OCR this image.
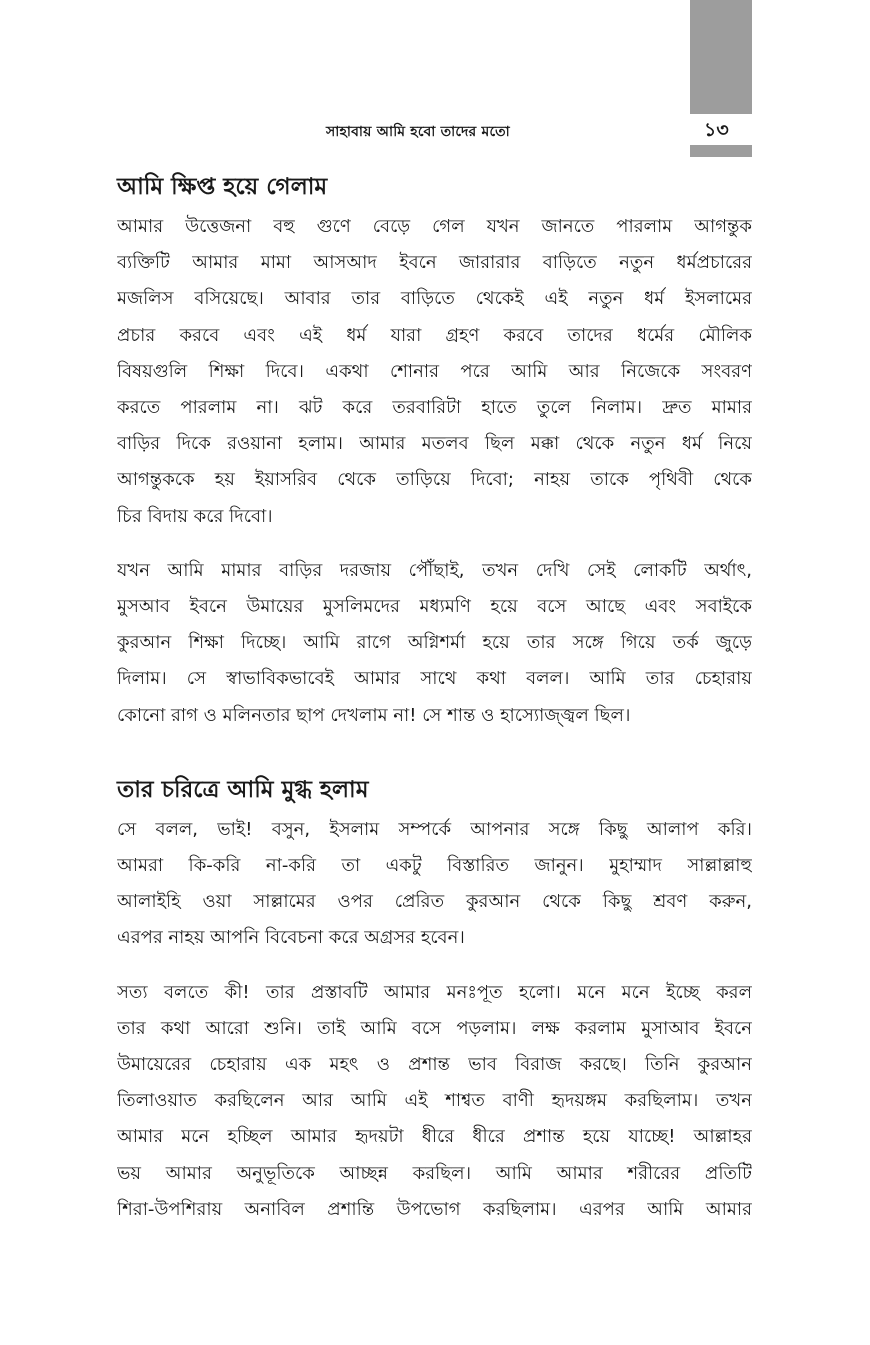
সাহাবায় আমি হবো তাদের মতো	১৩
আমি ক্ষিপ্ত হয়ে গেলাম

আমার উত্তেজনা বহু গুণে বেড়ে গেল যখন জানতে পারলাম আগন্তুক
ব্যক্তিটি আমার মামা আসআদ ইবনে জারারার বাড়িতে নতুন ধর্মপ্রচারের
মজলিস বসিয়েছে। আবার তার বাড়িতে থেকেই এই নতুন ধর্ম ইসলামের
প্রচার করবে এবং এই ধর্ম যারা গ্রহণ করবে তাদের ধর্মের মৌলিক
বিষয়গুলি শিক্ষা দিবে। একথা শোনার পরে আমি আর নিজেকে সংবরণ
করতে পারলাম না। ঝট করে তরবারিটা হাতে তুলে নিলাম। দ্রুত মামার
বাড়ির দিকে রওয়ানা হলাম। আমার মতলব ছিল মক্কা থেকে নতুন ধর্ম নিয়ে
আগন্তুককে হয় ইয়াসরিব থেকে তাড়িয়ে দিবো; নাহয় তাকে পৃথিবী থেকে
চির বিদায় করে দিবো।

যখন আমি মামার বাড়ির দরজায় পৌঁছাই, তখন দেখি সেই লোকটি অর্থাৎ,
মুসআব ইবনে উমায়ের মুসলিমদের মধ্যমণি হয়ে বসে আছে এবং সবাইকে
কুরআন শিক্ষা দিচ্ছে। আমি রাগে অগ্নিশর্মা হয়ে তার সঙ্গে গিয়ে তর্ক জুড়ে
দিলাম। সে স্বাভাবিকভাবেই আমার সাথে কথা বলল। আমি তার চেহারায়
কোনো রাগ ও মলিনতার ছাপ দেখলাম না! সে শান্ত ও হাস্যোজ্জ্বল ছিল।

তার চরিত্রে আমি মুগ্ধ হলাম

সে বলল, ভাই! বসুন, ইসলাম সম্পর্কে আপনার সঙ্গে কিছু আলাপ করি।
আমরা কি-করি না-করি তা একটু বিস্তারিত জানুন। মুহাম্মাদ সাল্লাল্লাহু
আলাইহি ওয়া সাল্লামের ওপর প্রেরিত কুরআন থেকে কিছু শ্রবণ করুন,
এরপর নাহয় আপনি বিবেচনা করে অগ্রসর হবেন।

সত্য বলতে কী! তার প্রস্তাবটি আমার মনঃপূত হলো। মনে মনে ইচ্ছে করল
তার কথা আরো শুনি। তাই আমি বসে পড়লাম। লক্ষ করলাম মুসাআব ইবনে
উমায়েরের চেহারায় এক মহৎ ও প্রশান্ত ভাব বিরাজ করছে। তিনি কুরআন
তিলাওয়াত করছিলেন আর আমি এই শাশ্বত বাণী হৃদয়ঙ্গম করছিলাম। তখন
আমার মনে হচ্ছিল আমার হৃদয়টা ধীরে ধীরে প্রশান্ত হয়ে যাচ্ছে! আল্লাহর
ভয় আমার অনুভূতিকে আচ্ছন্ন করছিল। আমি আমার শরীরের প্রতিটি
শিরা-উপশিরায় অনাবিল প্রশান্তি উপভোগ করছিলাম। এরপর আমি আমার
